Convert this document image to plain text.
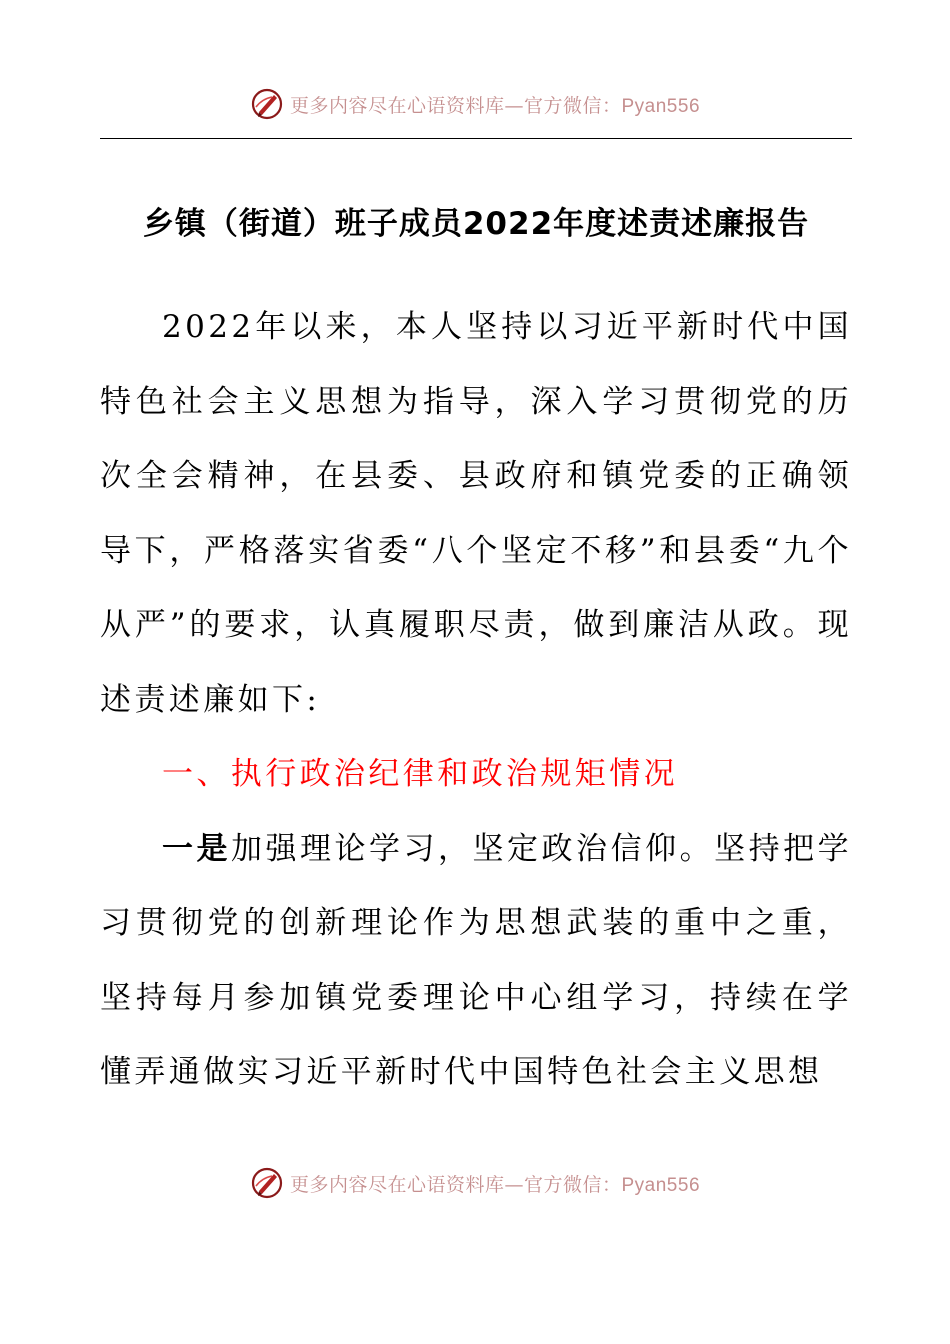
更多内容尽在心语资料库—官方微信：Pyan556
乡镇（街道）班子成员2022年度述责述廉报告

2022年以来，本人坚持以习近平新时代中国特色社会主义思想为指导，深入学习贯彻党的历次全会精神，在县委、县政府和镇党委的正确领导下，严格落实省委“八个坚定不移”和县委“九个从严”的要求，认真履职尽责，做到廉洁从政。现述责述廉如下:

一、执行政治纪律和政治规矩情况

一是加强理论学习，坚定政治信仰。坚持把学习贯彻党的创新理论作为思想武装的重中之重，坚持每月参加镇党委理论中心组学习，持续在学懂弄通做实习近平新时代中国特色社会主义思想

更多内容尽在心语资料库—官方微信：Pyan556
